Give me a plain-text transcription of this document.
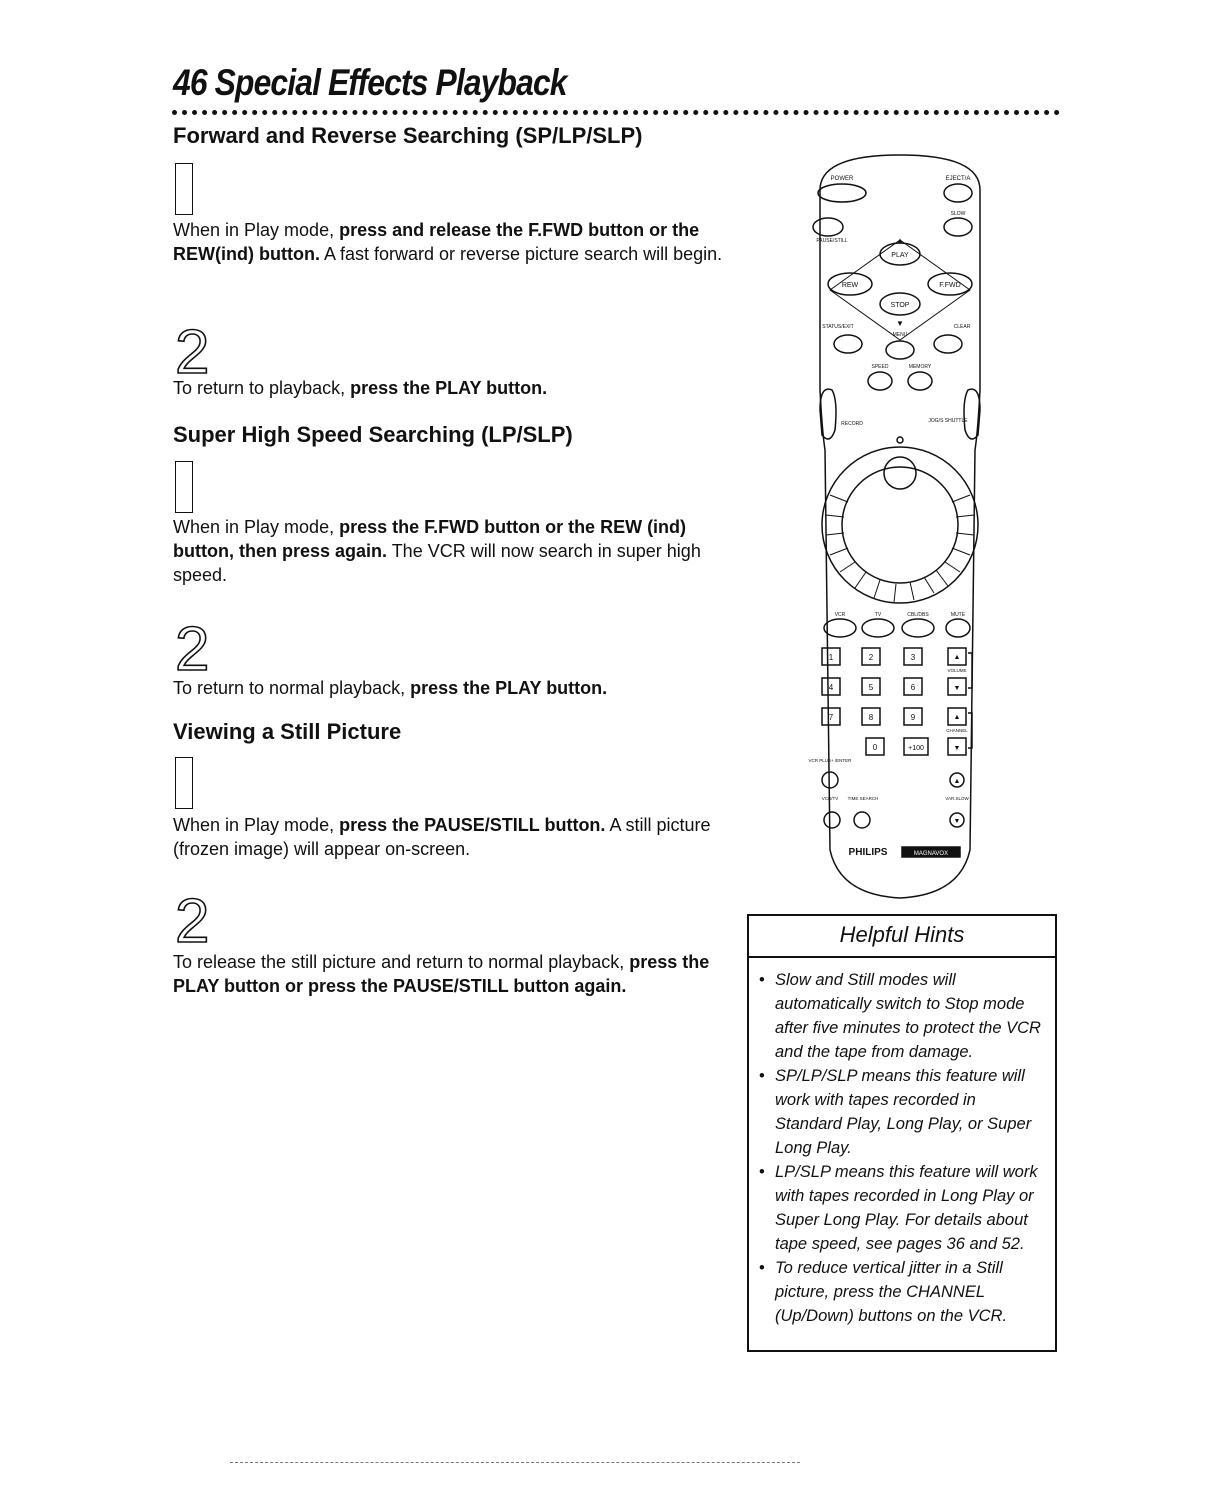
46 Special Effects Playback
Forward and Reverse Searching (SP/LP/SLP)
When in Play mode, press and release the F.FWD button or the REW(ind) button. A fast forward or reverse picture search will begin.
2
To return to playback, press the PLAY button.
Super High Speed Searching (LP/SLP)
When in Play mode, press the F.FWD button or the REW (ind) button, then press again. The VCR will now search in super high speed.
2
To return to normal playback, press the PLAY button.
Viewing a Still Picture
When in Play mode, press the PAUSE/STILL button. A still picture (frozen image) will appear on-screen.
2
To release the still picture and return to normal playback, press the PLAY button or press the PAUSE/STILL button again.
POWER	EJECT/A
PAUSE/STILL
SLOW
▲
PLAY
REW	F.FWD
STOP
▼
STATUS/EXIT
MENU
CLEAR
SPEED	MEMORY
RECORD	JOG/S SHUTTLE
VCR	TV	CBL/DBS	MUTE
1	2	3
4	5	6
7	8	9
0	+100
▲
VOLUME
▼
▲
CHANNEL
▼
VCR PLUS+ /ENTER
▲
VCR/TV TIME SEARCH	VAR.SLOW
▼
PHILIPS	MAGNAVOX
Helpful Hints
• Slow and Still modes will automatically switch to Stop mode after five minutes to protect the VCR and the tape from damage.
• SP/LP/SLP means this feature will work with tapes recorded in Standard Play, Long Play, or Super Long Play.
• LP/SLP means this feature will work with tapes recorded in Long Play or Super Long Play. For details about tape speed, see pages 36 and 52.
• To reduce vertical jitter in a Still picture, press the CHANNEL (Up/Down) buttons on the VCR.
